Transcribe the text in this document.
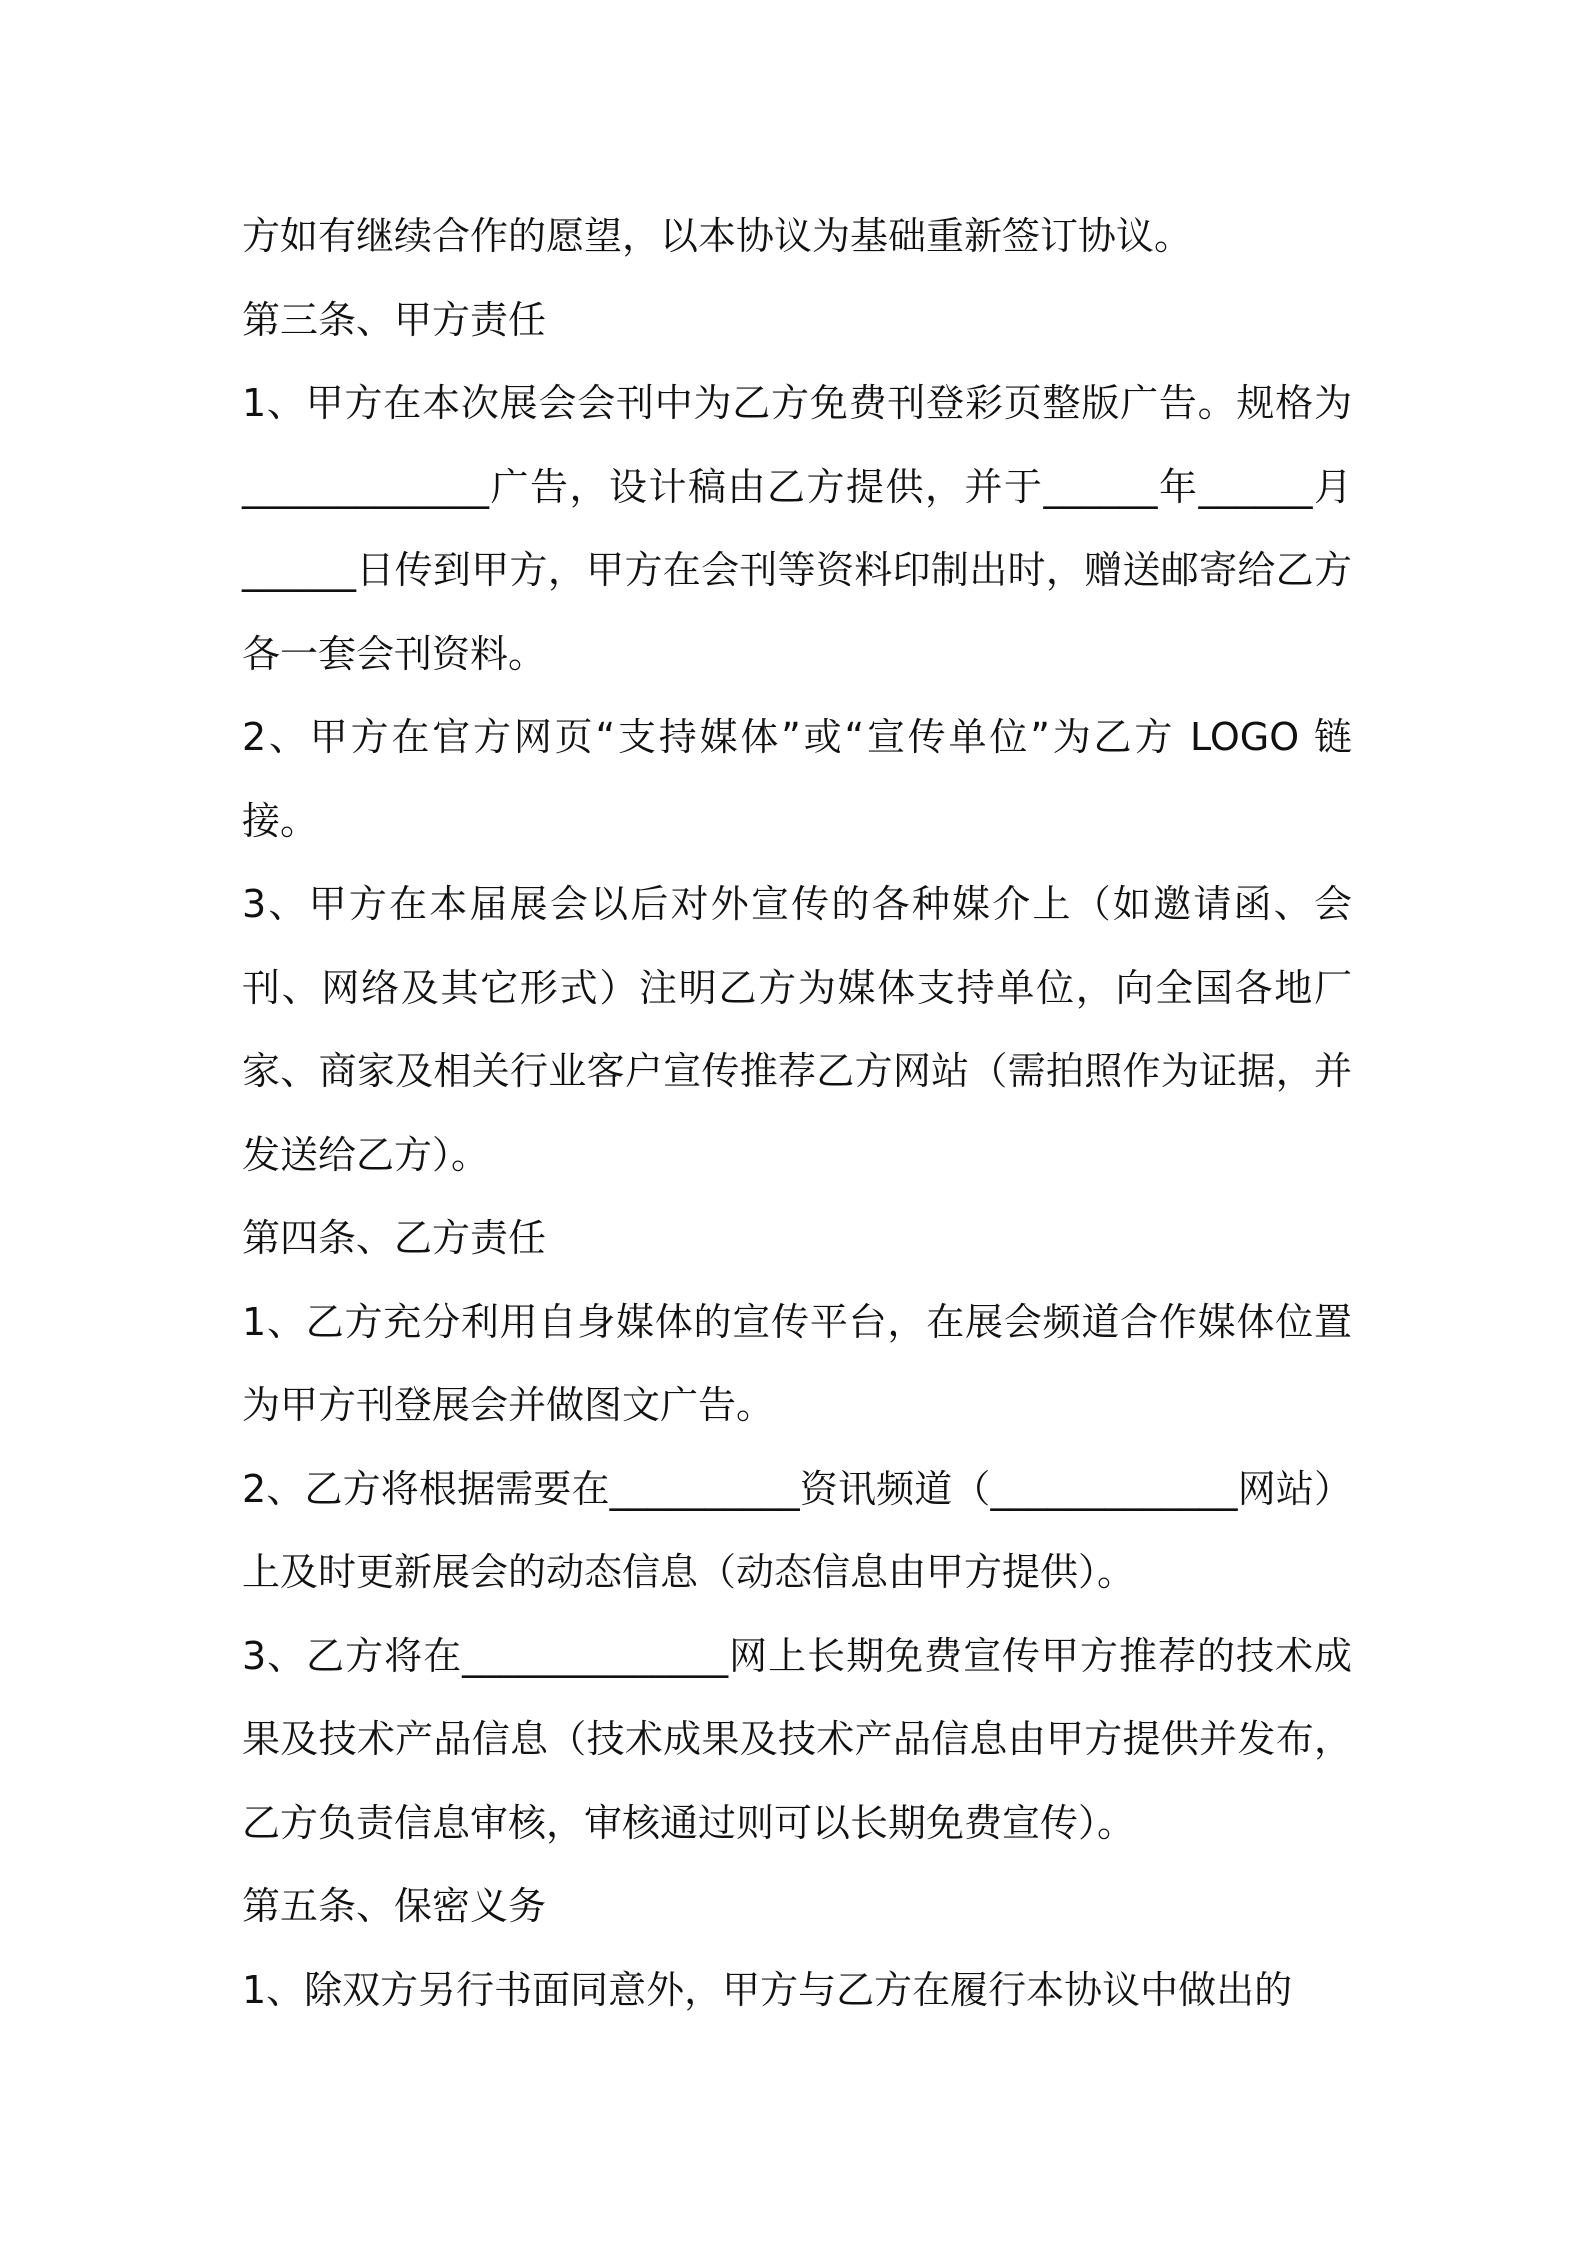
方如有继续合作的愿望，以本协议为基础重新签订协议。

第三条、甲方责任

1、甲方在本次展会会刊中为乙方免费刊登彩页整版广告。规格为_____________广告，设计稿由乙方提供，并于______年______月______日传到甲方，甲方在会刊等资料印制出时，赠送邮寄给乙方各一套会刊资料。

2、甲方在官方网页“支持媒体”或“宣传单位”为乙方 LOGO 链接。

3、甲方在本届展会以后对外宣传的各种媒介上（如邀请函、会刊、网络及其它形式）注明乙方为媒体支持单位，向全国各地厂家、商家及相关行业客户宣传推荐乙方网站（需拍照作为证据，并发送给乙方）。

第四条、乙方责任

1、乙方充分利用自身媒体的宣传平台，在展会频道合作媒体位置为甲方刊登展会并做图文广告。

2、乙方将根据需要在__________资讯频道（_____________网站）上及时更新展会的动态信息（动态信息由甲方提供）。

3、乙方将在______________网上长期免费宣传甲方推荐的技术成果及技术产品信息（技术成果及技术产品信息由甲方提供并发布，乙方负责信息审核，审核通过则可以长期免费宣传）。

第五条、保密义务

1、除双方另行书面同意外，甲方与乙方在履行本协议中做出的
